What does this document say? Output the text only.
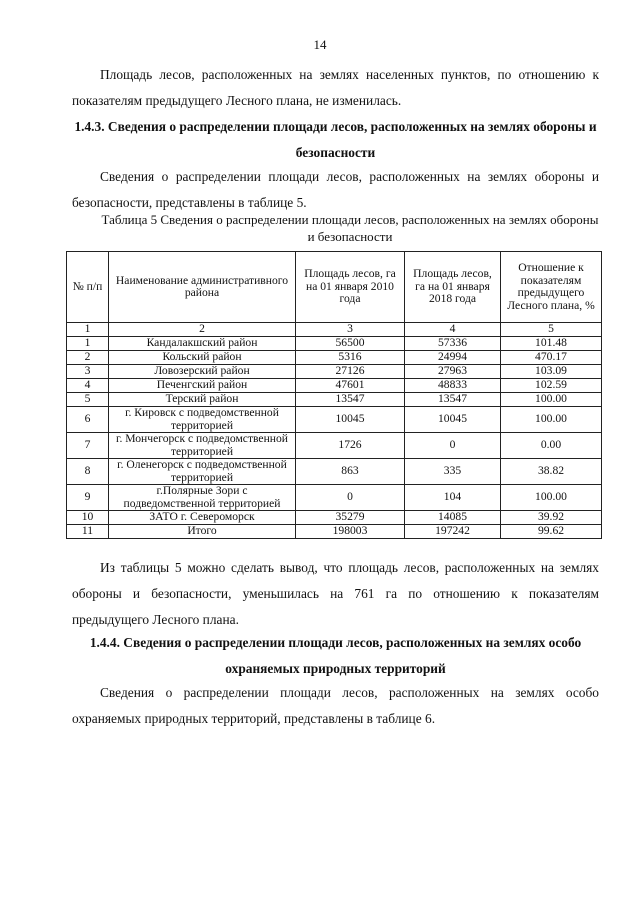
14

Площадь лесов, расположенных на землях населенных пунктов, по отношению к показателям предыдущего Лесного плана, не изменилась.

1.4.3. Сведения о распределении площади лесов, расположенных на землях обороны и безопасности

Сведения о распределении площади лесов, расположенных на землях обороны и безопасности, представлены в таблице 5.

Таблица 5 Сведения о распределении площади лесов, расположенных на землях обороны и безопасности

№ п/п	Наименование административного района	Площадь лесов, га на 01 января 2010 года	Площадь лесов, га на 01 января 2018 года	Отношение к показателям предыдущего Лесного плана, %
1	2	3	4	5
1	Кандалакшский район	56500	57336	101.48
2	Кольский район	5316	24994	470.17
3	Ловозерский район	27126	27963	103.09
4	Печенгский район	47601	48833	102.59
5	Терский район	13547	13547	100.00
6	г. Кировск с подведомственной территорией	10045	10045	100.00
7	г. Мончегорск с подведомственной территорией	1726	0	0.00
8	г. Оленегорск с подведомственной территорией	863	335	38.82
9	г.Полярные Зори с подведомственной территорией	0	104	100.00
10	ЗАТО г. Североморск	35279	14085	39.92
11	Итого	198003	197242	99.62

Из таблицы 5 можно сделать вывод, что площадь лесов, расположенных на землях обороны и безопасности, уменьшилась на 761 га по отношению к показателям предыдущего Лесного плана.

1.4.4. Сведения о распределении площади лесов, расположенных на землях особо охраняемых природных территорий

Сведения о распределении площади лесов, расположенных на землях особо охраняемых природных территорий, представлены в таблице 6.
